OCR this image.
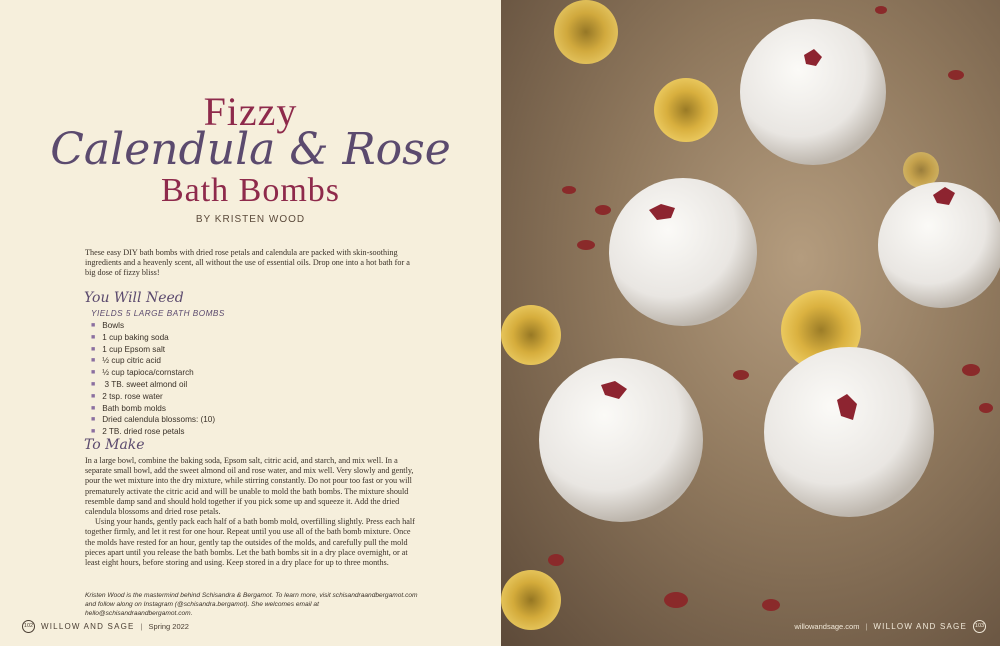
Fizzy
Calendula & Rose
Bath Bombs
BY KRISTEN WOOD

These easy DIY bath bombs with dried rose petals and calendula are packed with skin-soothing ingredients and a heavenly scent, all without the use of essential oils. Drop one into a hot bath for a big dose of fizzy bliss!

You Will Need
YIELDS 5 LARGE BATH BOMBS
■ Bowls
■ 1 cup baking soda
■ 1 cup Epsom salt
■ ½ cup citric acid
■ ½ cup tapioca/cornstarch
■ 3 TB. sweet almond oil
■ 2 tsp. rose water
■ Bath bomb molds
■ Dried calendula blossoms: (10)
■ 2 TB. dried rose petals
To Make

In a large bowl, combine the baking soda, Epsom salt, citric acid, and starch, and mix well. In a separate small bowl, add the sweet almond oil and rose water, and mix well. Very slowly and gently, pour the wet mixture into the dry mixture, while stirring constantly. Do not pour too fast or you will prematurely activate the citric acid and will be unable to mold the bath bombs. The mixture should resemble damp sand and should hold together if you pick some up and squeeze it. Add the dried calendula blossoms and dried rose petals.

Using your hands, gently pack each half of a bath bomb mold, overfilling slightly. Press each half together firmly, and let it rest for one hour. Repeat until you use all of the bath bomb mixture. Once the molds have rested for an hour, gently tap the outsides of the molds, and carefully pull the mold pieces apart until you release the bath bombs. Let the bath bombs sit in a dry place overnight, or at least eight hours, before storing and using. Keep stored in a dry place for up to three months.

Kristen Wood is the mastermind behind Schisandra & Bergamot. To learn more, visit schisandraandbergamot.com and follow along on Instagram (@schisandra.bergamot). She welcomes email at hello@schisandraandbergamot.com.

102 WILLOW AND SAGE | Spring 2022	willowandsage.com | WILLOW AND SAGE	103
